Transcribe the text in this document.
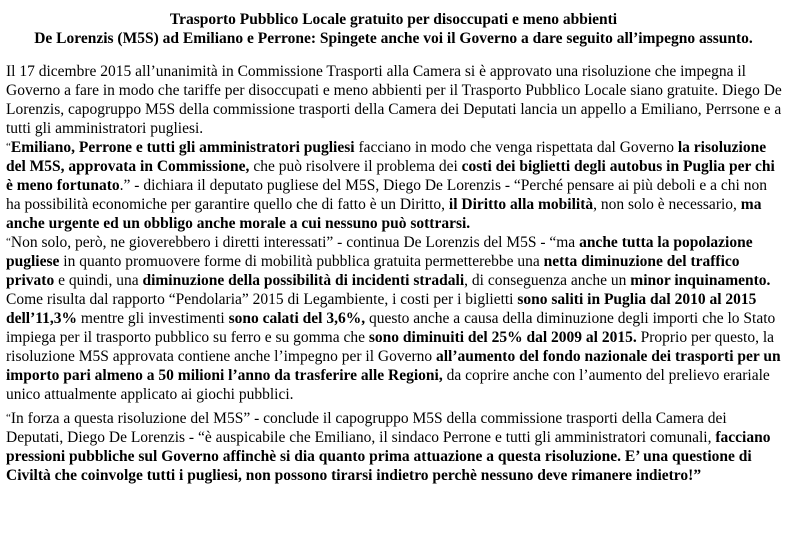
Trasporto Pubblico Locale gratuito per disoccupati e meno abbienti
De Lorenzis (M5S) ad Emiliano e Perrone: Spingete anche voi il Governo a dare seguito all’impegno assunto.

Il 17 dicembre 2015 all’unanimità in Commissione Trasporti alla Camera si è approvato una risoluzione che impegna il Governo a fare in modo che tariffe per disoccupati e meno abbienti per il Trasporto Pubblico Locale siano gratuite. Diego De Lorenzis, capogruppo M5S della commissione trasporti della Camera dei Deputati lancia un appello a Emiliano, Perrsone e a tutti gli amministratori pugliesi.

“Emiliano, Perrone e tutti gli amministratori pugliesi facciano in modo che venga rispettata dal Governo la risoluzione del M5S, approvata in Commissione, che può risolvere il problema dei costi dei biglietti degli autobus in Puglia per chi è meno fortunato.” - dichiara il deputato pugliese del M5S, Diego De Lorenzis - “Perché pensare ai più deboli e a chi non ha possibilità economiche per garantire quello che di fatto è un Diritto, il Diritto alla mobilità, non solo è necessario, ma anche urgente ed un obbligo anche morale a cui nessuno può sottrarsi.

“Non solo, però, ne gioverebbero i diretti interessati” - continua De Lorenzis del M5S - “ma anche tutta la popolazione pugliese in quanto promuovere forme di mobilità pubblica gratuita permetterebbe una netta diminuzione del traffico privato e quindi, una diminuzione della possibilità di incidenti stradali, di conseguenza anche un minor inquinamento. Come risulta dal rapporto “Pendolaria” 2015 di Legambiente, i costi per i biglietti sono saliti in Puglia dal 2010 al 2015 dell’11,3% mentre gli investimenti sono calati del 3,6%, questo anche a causa della diminuzione degli importi che lo Stato impiega per il trasporto pubblico su ferro e su gomma che sono diminuiti del 25% dal 2009 al 2015. Proprio per questo, la risoluzione M5S approvata contiene anche l’impegno per il Governo all’aumento del fondo nazionale dei trasporti per un importo pari almeno a 50 milioni l’anno da trasferire alle Regioni, da coprire anche con l’aumento del prelievo erariale unico attualmente applicato ai giochi pubblici.

“In forza a questa risoluzione del M5S” - conclude il capogruppo M5S della commissione trasporti della Camera dei Deputati, Diego De Lorenzis - “è auspicabile che Emiliano, il sindaco Perrone e tutti gli amministratori comunali, facciano pressioni pubbliche sul Governo affinchè si dia quanto prima attuazione a questa risoluzione. E’ una questione di Civiltà che coinvolge tutti i pugliesi, non possono tirarsi indietro perchè nessuno deve rimanere indietro!”
